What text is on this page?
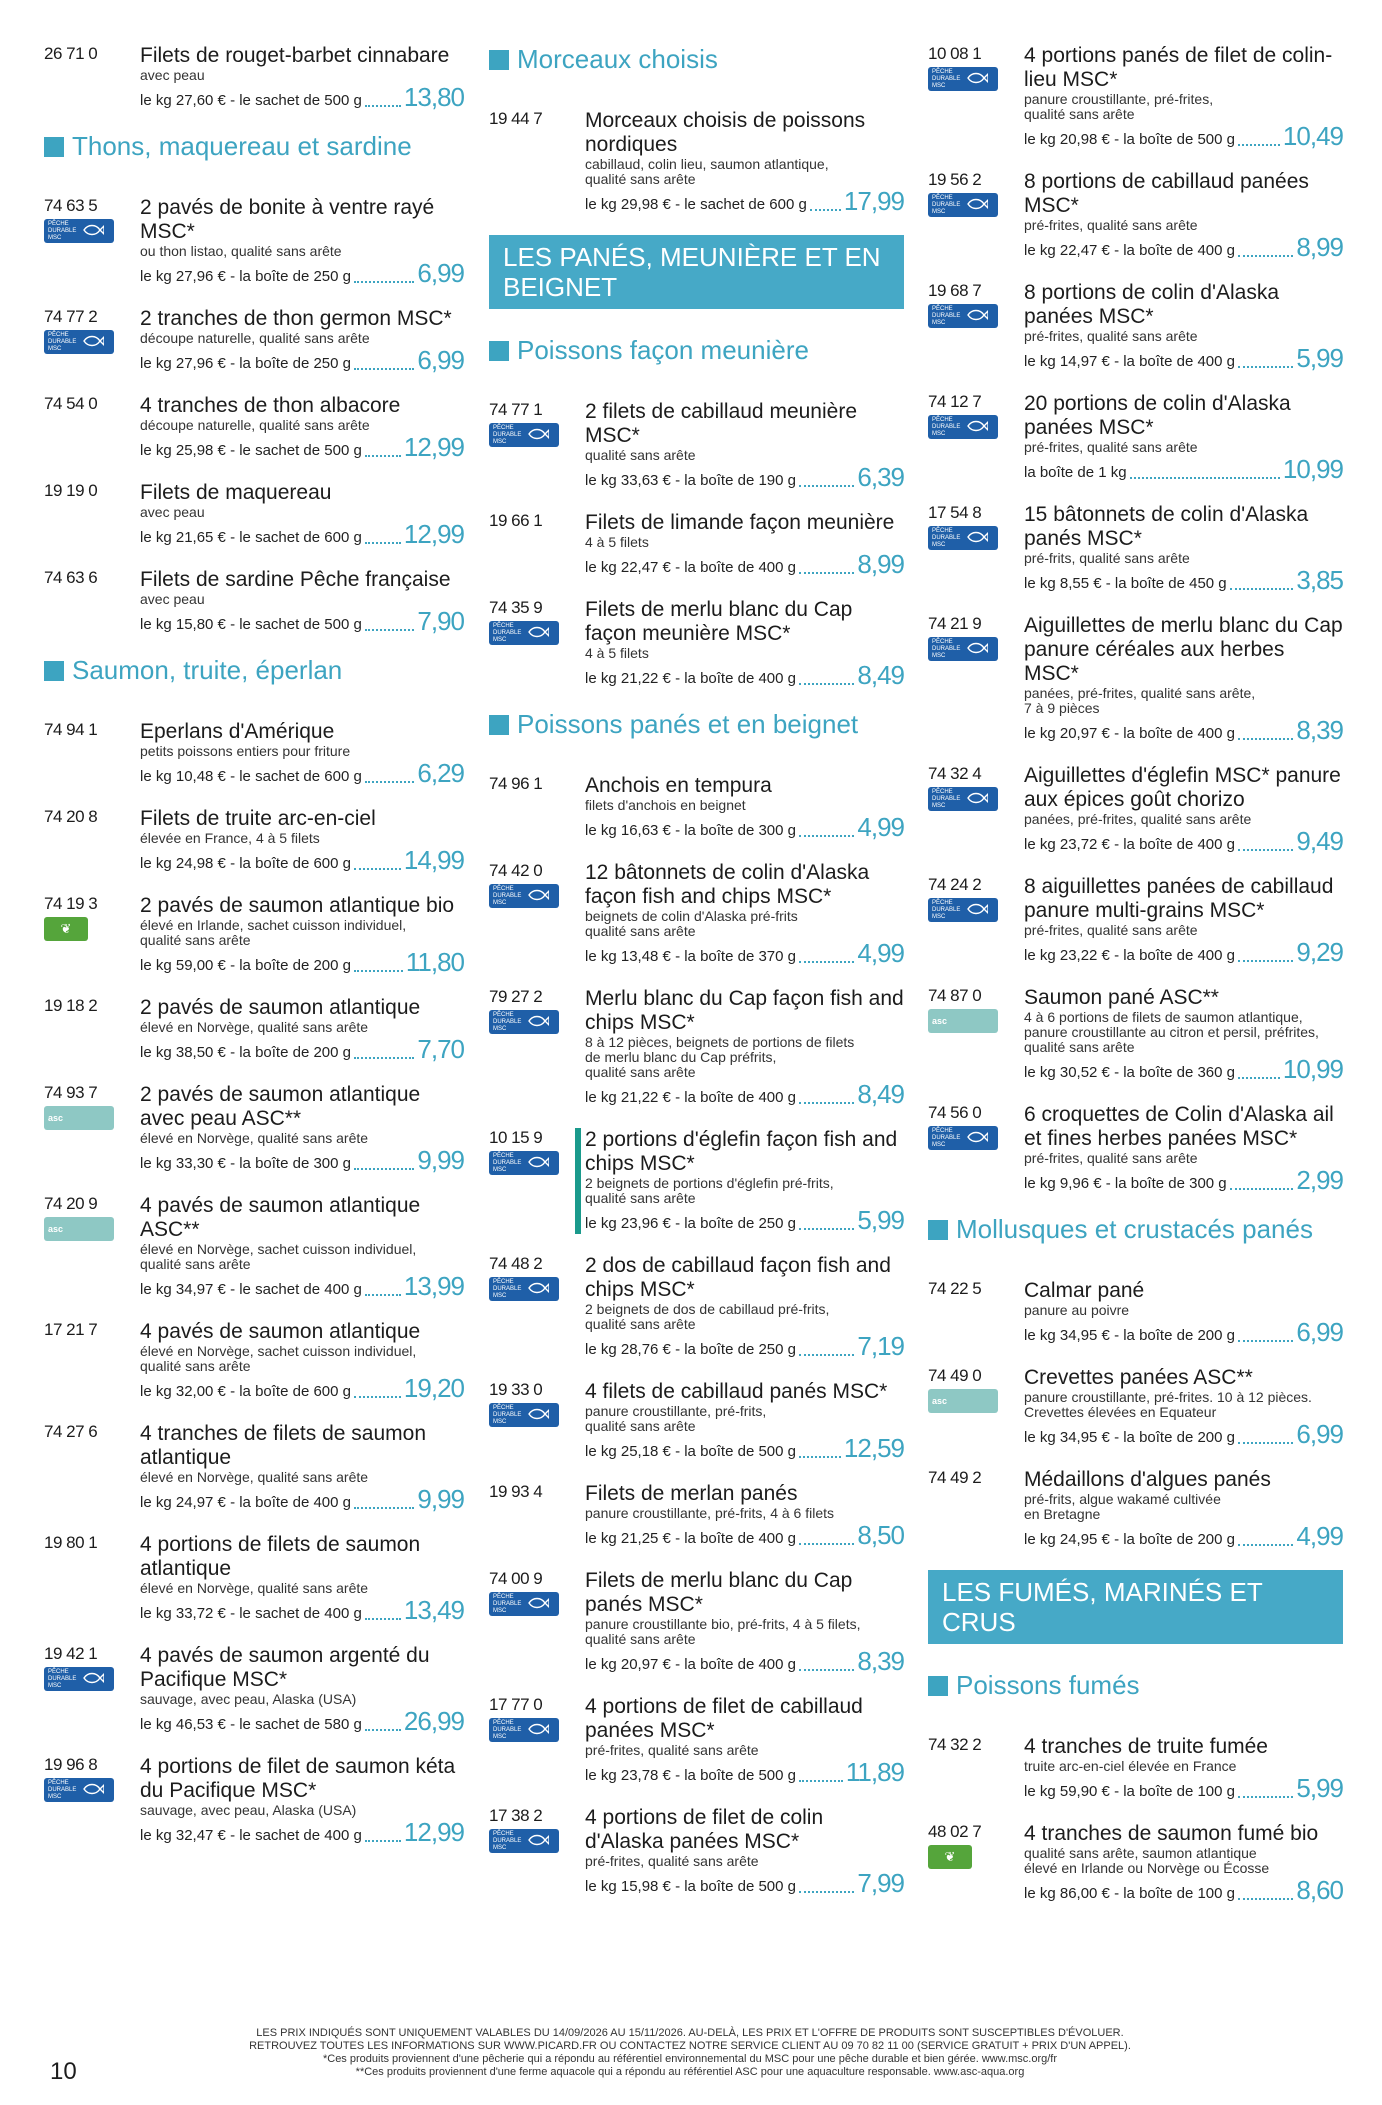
26 71 0	Filets de rouget-barbet cinnabare
avec peau
le kg 27,60 € - le sachet de 500 g 13,80
Thons, maquereau et sardine
74 63 5
PÊCHE DURABLE MSC
2 pavés de bonite à ventre rayé MSC*
ou thon listao, qualité sans arête
le kg 27,96 € - la boîte de 250 g	6,99
74 77 2
PÊCHE DURABLE MSC
2 tranches de thon germon MSC*
découpe naturelle, qualité sans arête
le kg 27,96 € - la boîte de 250 g	6,99
74 54 0	4 tranches de thon albacore
découpe naturelle, qualité sans arête
le kg 25,98 € - le sachet de 500 g 12,99
19 19 0	Filets de maquereau
avec peau
le kg 21,65 € - le sachet de 600 g 12,99
74 63 6	Filets de sardine Pêche française
avec peau
le kg 15,80 € - le sachet de 500 g 7,90
Saumon, truite, éperlan
74 94 1	Eperlans d'Amérique
petits poissons entiers pour friture
le kg 10,48 € - le sachet de 600 g 6,29
74 20 8	Filets de truite arc-en-ciel
élevée en France, 4 à 5 filets
le kg 24,98 € - la boîte de 600 g 14,99
74 19 3
❦
2 pavés de saumon atlantique bio
élevé en Irlande, sachet cuisson individuel,
qualité sans arête
le kg 59,00 € - la boîte de 200 g 11,80
19 18 2	2 pavés de saumon atlantique
élevé en Norvège, qualité sans arête
le kg 38,50 € - la boîte de 200 g	7,70
74 93 7
asc
2 pavés de saumon atlantique avec peau ASC**
élevé en Norvège, qualité sans arête
le kg 33,30 € - la boîte de 300 g	9,99
74 20 9
asc
4 pavés de saumon atlantique ASC**
élevé en Norvège, sachet cuisson individuel,
qualité sans arête
le kg 34,97 € - le sachet de 400 g 13,99
17 21 7	4 pavés de saumon atlantique
élevé en Norvège, sachet cuisson individuel,
qualité sans arête
le kg 32,00 € - la boîte de 600 g 19,20
74 27 6	4 tranches de filets de saumon atlantique
élevé en Norvège, qualité sans arête
le kg 24,97 € - la boîte de 400 g	9,99
19 80 1	4 portions de filets de saumon atlantique
élevé en Norvège, qualité sans arête
le kg 33,72 € - le sachet de 400 g 13,49
19 42 1
PÊCHE DURABLE MSC
4 pavés de saumon argenté du Pacifique MSC*
sauvage, avec peau, Alaska (USA)
le kg 46,53 € - le sachet de 580 g 26,99
19 96 8
PÊCHE DURABLE MSC
4 portions de filet de saumon kéta du Pacifique MSC*
sauvage, avec peau, Alaska (USA)
le kg 32,47 € - le sachet de 400 g 12,99
Morceaux choisis
19 44 7	Morceaux choisis de poissons nordiques
cabillaud, colin lieu, saumon atlantique,
qualité sans arête
le kg 29,98 € - le sachet de 600 g 17,99
LES PANÉS, MEUNIÈRE ET EN BEIGNET
Poissons façon meunière
74 77 1
PÊCHE DURABLE MSC
2 filets de cabillaud meunière MSC*
qualité sans arête
le kg 33,63 € - la boîte de 190 g 6,39
19 66 1	Filets de limande façon meunière
4 à 5 filets
le kg 22,47 € - la boîte de 400 g 8,99
74 35 9
PÊCHE DURABLE MSC
Filets de merlu blanc du Cap façon meunière MSC*
4 à 5 filets
le kg 21,22 € - la boîte de 400 g 8,49
Poissons panés et en beignet
74 96 1	Anchois en tempura
filets d'anchois en beignet
le kg 16,63 € - la boîte de 300 g 4,99
74 42 0
PÊCHE DURABLE MSC
12 bâtonnets de colin d'Alaska façon fish and chips MSC*
beignets de colin d'Alaska pré-frits
qualité sans arête
le kg 13,48 € - la boîte de 370 g 4,99
79 27 2
PÊCHE DURABLE MSC
Merlu blanc du Cap façon fish and chips MSC*
8 à 12 pièces, beignets de portions de filets
de merlu blanc du Cap préfrits,
qualité sans arête
le kg 21,22 € - la boîte de 400 g 8,49
10 15 9
PÊCHE DURABLE MSC
2 portions d'églefin façon fish and chips MSC*
2 beignets de portions d'églefin pré-frits,
qualité sans arête
le kg 23,96 € - la boîte de 250 g 5,99
74 48 2
PÊCHE DURABLE MSC
2 dos de cabillaud façon fish and chips MSC*
2 beignets de dos de cabillaud pré-frits,
qualité sans arête
le kg 28,76 € - la boîte de 250 g 7,19
19 33 0
PÊCHE DURABLE MSC
4 filets de cabillaud panés MSC*
panure croustillante, pré-frits,
qualité sans arête
le kg 25,18 € - la boîte de 500 g 12,59
19 93 4	Filets de merlan panés
panure croustillante, pré-frits, 4 à 6 filets
le kg 21,25 € - la boîte de 400 g 8,50
74 00 9
PÊCHE DURABLE MSC
Filets de merlu blanc du Cap panés MSC*
panure croustillante bio, pré-frits, 4 à 5 filets,
qualité sans arête
le kg 20,97 € - la boîte de 400 g 8,39
17 77 0
PÊCHE DURABLE MSC
4 portions de filet de cabillaud panées MSC*
pré-frites, qualité sans arête
le kg 23,78 € - la boîte de 500 g 11,89
17 38 2
PÊCHE DURABLE MSC
4 portions de filet de colin d'Alaska panées MSC*
pré-frites, qualité sans arête
le kg 15,98 € - la boîte de 500 g 7,99
10 08 1
PÊCHE DURABLE MSC
4 portions panés de filet de colin-lieu MSC*
panure croustillante, pré-frites,
qualité sans arête
le kg 20,98 € - la boîte de 500 g 10,49
19 56 2
PÊCHE DURABLE MSC
8 portions de cabillaud panées MSC*
pré-frites, qualité sans arête
le kg 22,47 € - la boîte de 400 g 8,99
19 68 7
PÊCHE DURABLE MSC
8 portions de colin d'Alaska panées MSC*
pré-frites, qualité sans arête
le kg 14,97 € - la boîte de 400 g 5,99
74 12 7
PÊCHE DURABLE MSC
20 portions de colin d'Alaska panées MSC*
pré-frites, qualité sans arête
la boîte de 1 kg	10,99
17 54 8
PÊCHE DURABLE MSC
15 bâtonnets de colin d'Alaska panés MSC*
pré-frits, qualité sans arête
le kg 8,55 € - la boîte de 450 g	3,85
74 21 9
PÊCHE DURABLE MSC
Aiguillettes de merlu blanc du Cap panure céréales aux herbes MSC*
panées, pré-frites, qualité sans arête,
7 à 9 pièces
le kg 20,97 € - la boîte de 400 g 8,39
74 32 4
PÊCHE DURABLE MSC
Aiguillettes d'églefin MSC* panure aux épices goût chorizo
panées, pré-frites, qualité sans arête
le kg 23,72 € - la boîte de 400 g 9,49
74 24 2
PÊCHE DURABLE MSC
8 aiguillettes panées de cabillaud panure multi-grains MSC*
pré-frites, qualité sans arête
le kg 23,22 € - la boîte de 400 g 9,29
74 87 0
asc
Saumon pané ASC**
4 à 6 portions de filets de saumon atlantique,
panure croustillante au citron et persil, préfrites,
qualité sans arête
le kg 30,52 € - la boîte de 360 g 10,99
74 56 0
PÊCHE DURABLE MSC
6 croquettes de Colin d'Alaska ail et fines herbes panées MSC*
pré-frites, qualité sans arête
le kg 9,96 € - la boîte de 300 g	2,99
Mollusques et crustacés panés
74 22 5	Calmar pané
panure au poivre
le kg 34,95 € - la boîte de 200 g 6,99
74 49 0
asc
Crevettes panées ASC**
panure croustillante, pré-frites. 10 à 12 pièces.
Crevettes élevées en Equateur
le kg 34,95 € - la boîte de 200 g 6,99
74 49 2	Médaillons d'algues panés
pré-frits, algue wakamé cultivée
en Bretagne
le kg 24,95 € - la boîte de 200 g 4,99
LES FUMÉS, MARINÉS ET CRUS
Poissons fumés
74 32 2	4 tranches de truite fumée
truite arc-en-ciel élevée en France
le kg 59,90 € - la boîte de 100 g 5,99
48 02 7
❦
4 tranches de saumon fumé bio
qualité sans arête, saumon atlantique
élevé en Irlande ou Norvège ou Écosse
le kg 86,00 € - la boîte de 100 g 8,60
LES PRIX INDIQUÉS SONT UNIQUEMENT VALABLES DU 14/09/2026 AU 15/11/2026. AU-DELÀ, LES PRIX ET L'OFFRE DE PRODUITS SONT SUSCEPTIBLES D'ÉVOLUER.
RETROUVEZ TOUTES LES INFORMATIONS SUR WWW.PICARD.FR OU CONTACTEZ NOTRE SERVICE CLIENT AU 09 70 82 11 00 (SERVICE GRATUIT + PRIX D'UN APPEL).
*Ces produits proviennent d'une pêcherie qui a répondu au référentiel environnemental du MSC pour une pêche durable et bien gérée. www.msc.org/fr
**Ces produits proviennent d'une ferme aquacole qui a répondu au référentiel ASC pour une aquaculture responsable. www.asc-aqua.org
10
